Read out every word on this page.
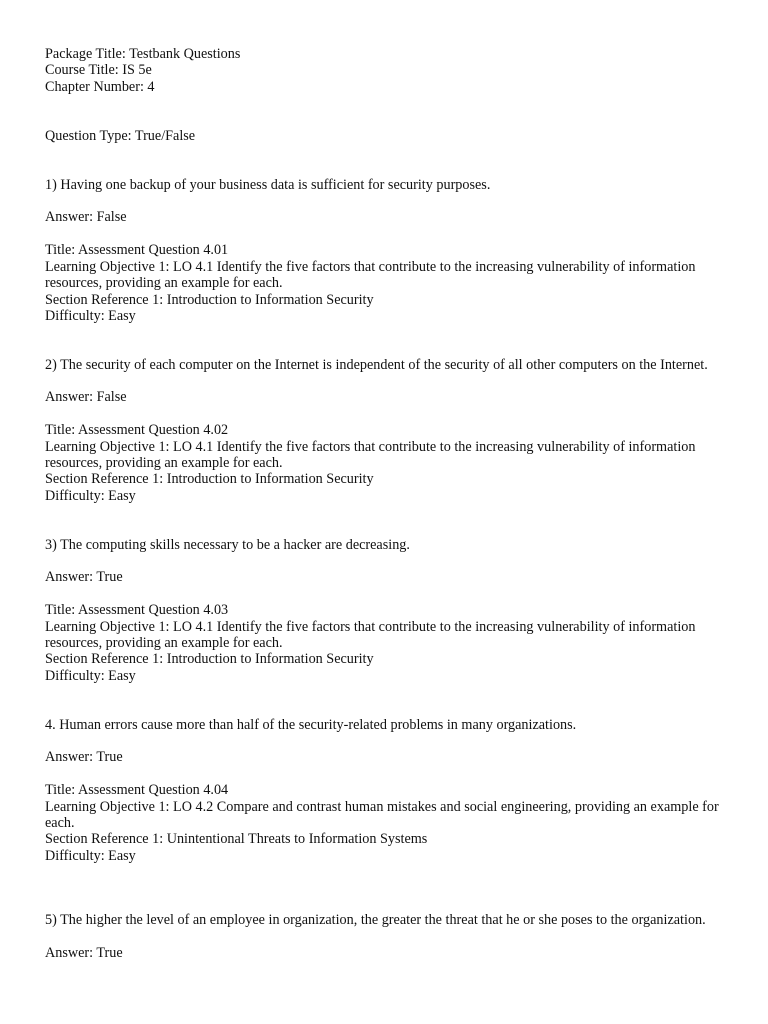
Package Title: Testbank Questions
Course Title: IS 5e
Chapter Number: 4
Question Type: True/False
1) Having one backup of your business data is sufficient for security purposes.
Answer: False
Title: Assessment Question 4.01
Learning Objective 1: LO 4.1 Identify the five factors that contribute to the increasing vulnerability of information
resources, providing an example for each.
Section Reference 1: Introduction to Information Security
Difficulty: Easy
2) The security of each computer on the Internet is independent of the security of all other computers on the Internet.
Answer: False
Title: Assessment Question 4.02
Learning Objective 1: LO 4.1 Identify the five factors that contribute to the increasing vulnerability of information
resources, providing an example for each.
Section Reference 1: Introduction to Information Security
Difficulty: Easy
3) The computing skills necessary to be a hacker are decreasing.
Answer: True
Title: Assessment Question 4.03
Learning Objective 1: LO 4.1 Identify the five factors that contribute to the increasing vulnerability of information
resources, providing an example for each.
Section Reference 1: Introduction to Information Security
Difficulty: Easy
4. Human errors cause more than half of the security-related problems in many organizations.
Answer: True
Title: Assessment Question 4.04
Learning Objective 1: LO 4.2 Compare and contrast human mistakes and social engineering, providing an example for
each.
Section Reference 1: Unintentional Threats to Information Systems
Difficulty: Easy
5) The higher the level of an employee in organization, the greater the threat that he or she poses to the organization.
Answer: True
